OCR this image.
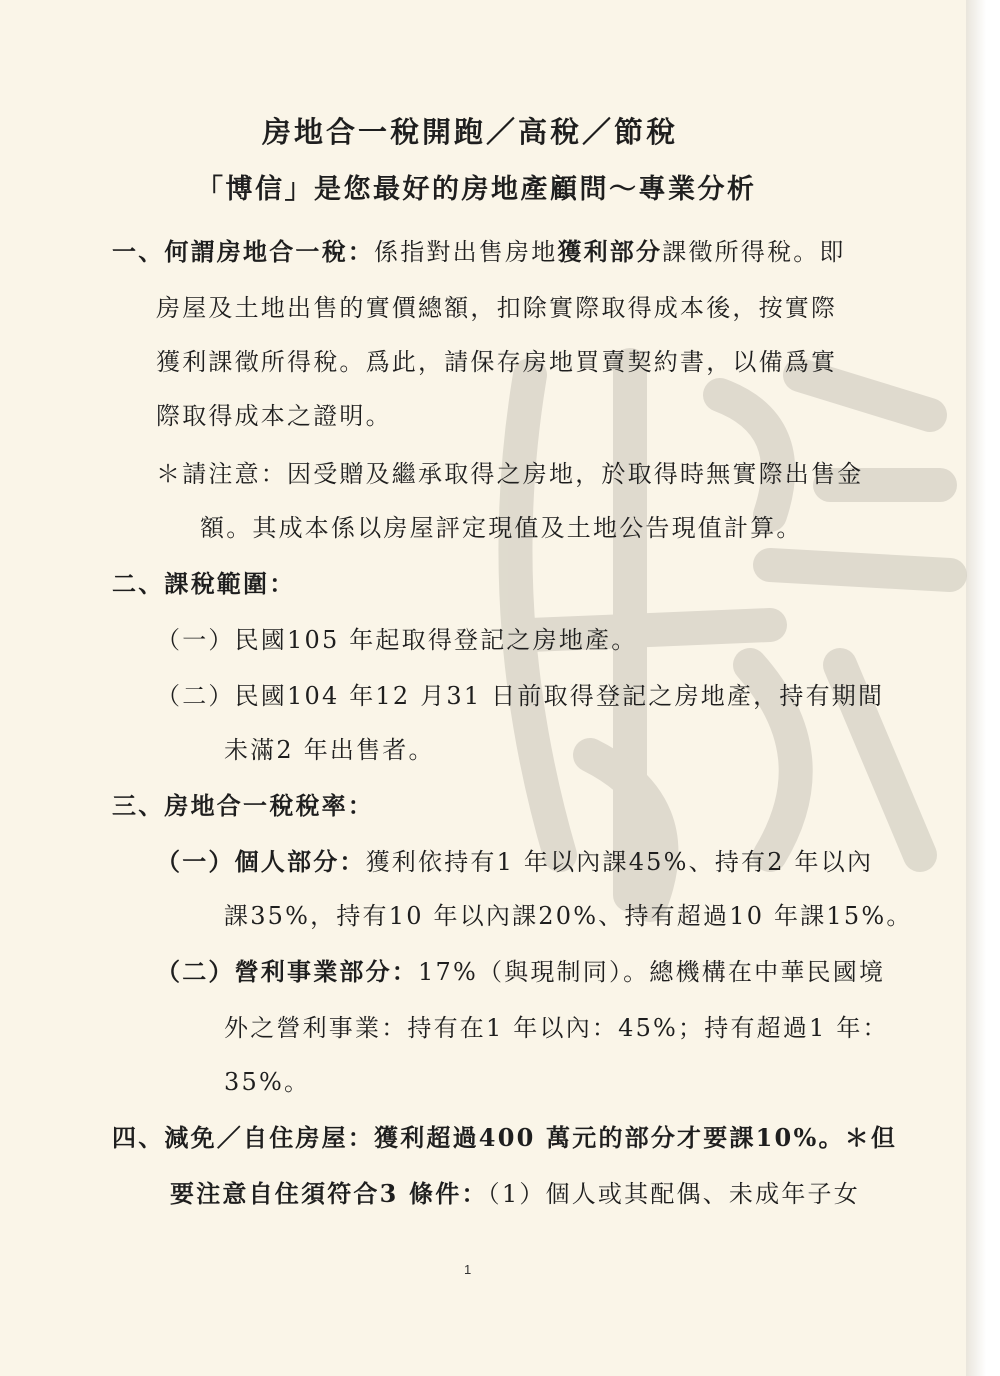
房地合一稅開跑／高稅／節稅
「博信」是您最好的房地產顧問～專業分析
一、何謂房地合一稅：係指對出售房地獲利部分課徵所得稅。即
房屋及土地出售的實價總額，扣除實際取得成本後，按實際
獲利課徵所得稅。爲此，請保存房地買賣契約書，以備爲實
際取得成本之證明。
＊請注意：因受贈及繼承取得之房地，於取得時無實際出售金
額。其成本係以房屋評定現值及土地公告現值計算。
二、課稅範圍：
（一）民國105 年起取得登記之房地產。
（二）民國104 年12 月31 日前取得登記之房地產，持有期間
未滿2 年出售者。
三、房地合一稅稅率：
（一）個人部分：獲利依持有1 年以內課45%、持有2 年以內
課35%，持有10 年以內課20%、持有超過10 年課15%。
（二）營利事業部分：17%（與現制同）。總機構在中華民國境
外之營利事業：持有在1 年以內：45%；持有超過1 年：
35%。
四、減免／自住房屋：獲利超過400 萬元的部分才要課10%。＊但
要注意自住須符合3 條件：（1）個人或其配偶、未成年子女
1
